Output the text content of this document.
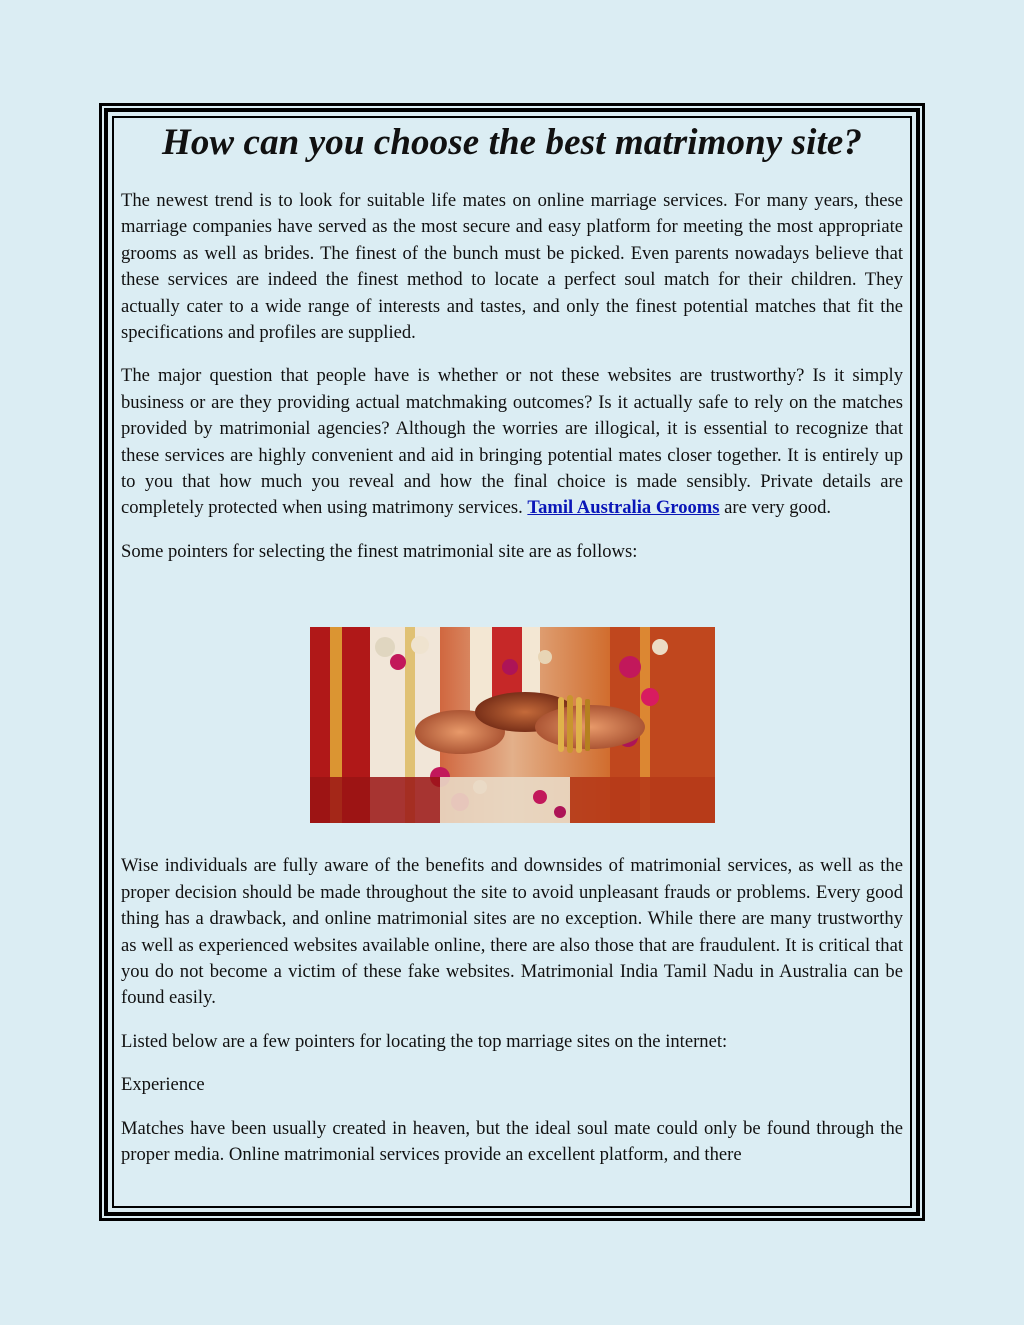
How can you choose the best matrimony site?

The newest trend is to look for suitable life mates on online marriage services. For many years, these marriage companies have served as the most secure and easy platform for meeting the most appropriate grooms as well as brides. The finest of the bunch must be picked. Even parents nowadays believe that these services are indeed the finest method to locate a perfect soul match for their children. They actually cater to a wide range of interests and tastes, and only the finest potential matches that fit the specifications and profiles are supplied.

The major question that people have is whether or not these websites are trustworthy? Is it simply business or are they providing actual matchmaking outcomes? Is it actually safe to rely on the matches provided by matrimonial agencies? Although the worries are illogical, it is essential to recognize that these services are highly convenient and aid in bringing potential mates closer together. It is entirely up to you that how much you reveal and how the final choice is made sensibly. Private details are completely protected when using matrimony services. Tamil Australia Grooms are very good.

Some pointers for selecting the finest matrimonial site are as follows:

Wise individuals are fully aware of the benefits and downsides of matrimonial services, as well as the proper decision should be made throughout the site to avoid unpleasant frauds or problems. Every good thing has a drawback, and online matrimonial sites are no exception. While there are many trustworthy as well as experienced websites available online, there are also those that are fraudulent. It is critical that you do not become a victim of these fake websites. Matrimonial India Tamil Nadu in Australia can be found easily.

Listed below are a few pointers for locating the top marriage sites on the internet:

Experience

Matches have been usually created in heaven, but the ideal soul mate could only be found through the proper media. Online matrimonial services provide an excellent platform, and there
